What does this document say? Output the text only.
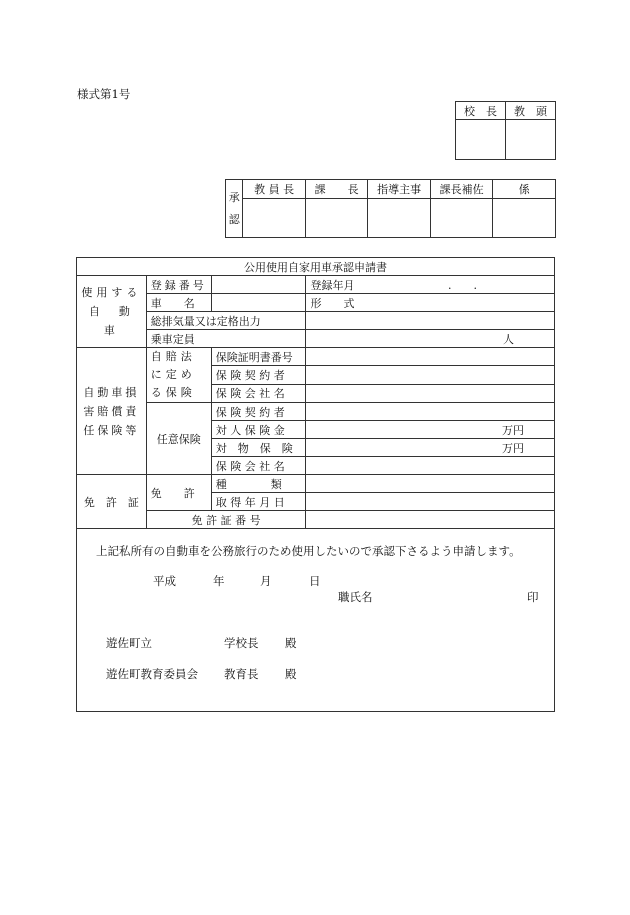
様式第1号
校　長	教　頭

承
認	教 員 長	課　　長	指導主事	課長補佐	係

公用使用自家用車承認申請書			
使用する自　動　車	登録番号		登録年月 .　　.
	車　　名		形　　式
	総排気量又は定格出力		
	乗車定員		人
自動車損害賠償責任保険等	自賠法に定める保険	保険証明書番号	
		保 険 契 約 者	
		保 険 会 社 名	
	任意保険	保 険 契 約 者	
		対 人 保 険 金	万円
		対　物　保　険	万円
		保 険 会 社 名	
免　許　証	免　　許	種　　　　類	
		取 得 年 月 日	
	免 許 証 番 号		
上記私所有の自動車を公務旅行のため使用したいので承認下さるよう申請します。
平成	年	月	日
職氏名	印
遊佐町立	学校長 殿
遊佐町教育委員会 教育長 殿
